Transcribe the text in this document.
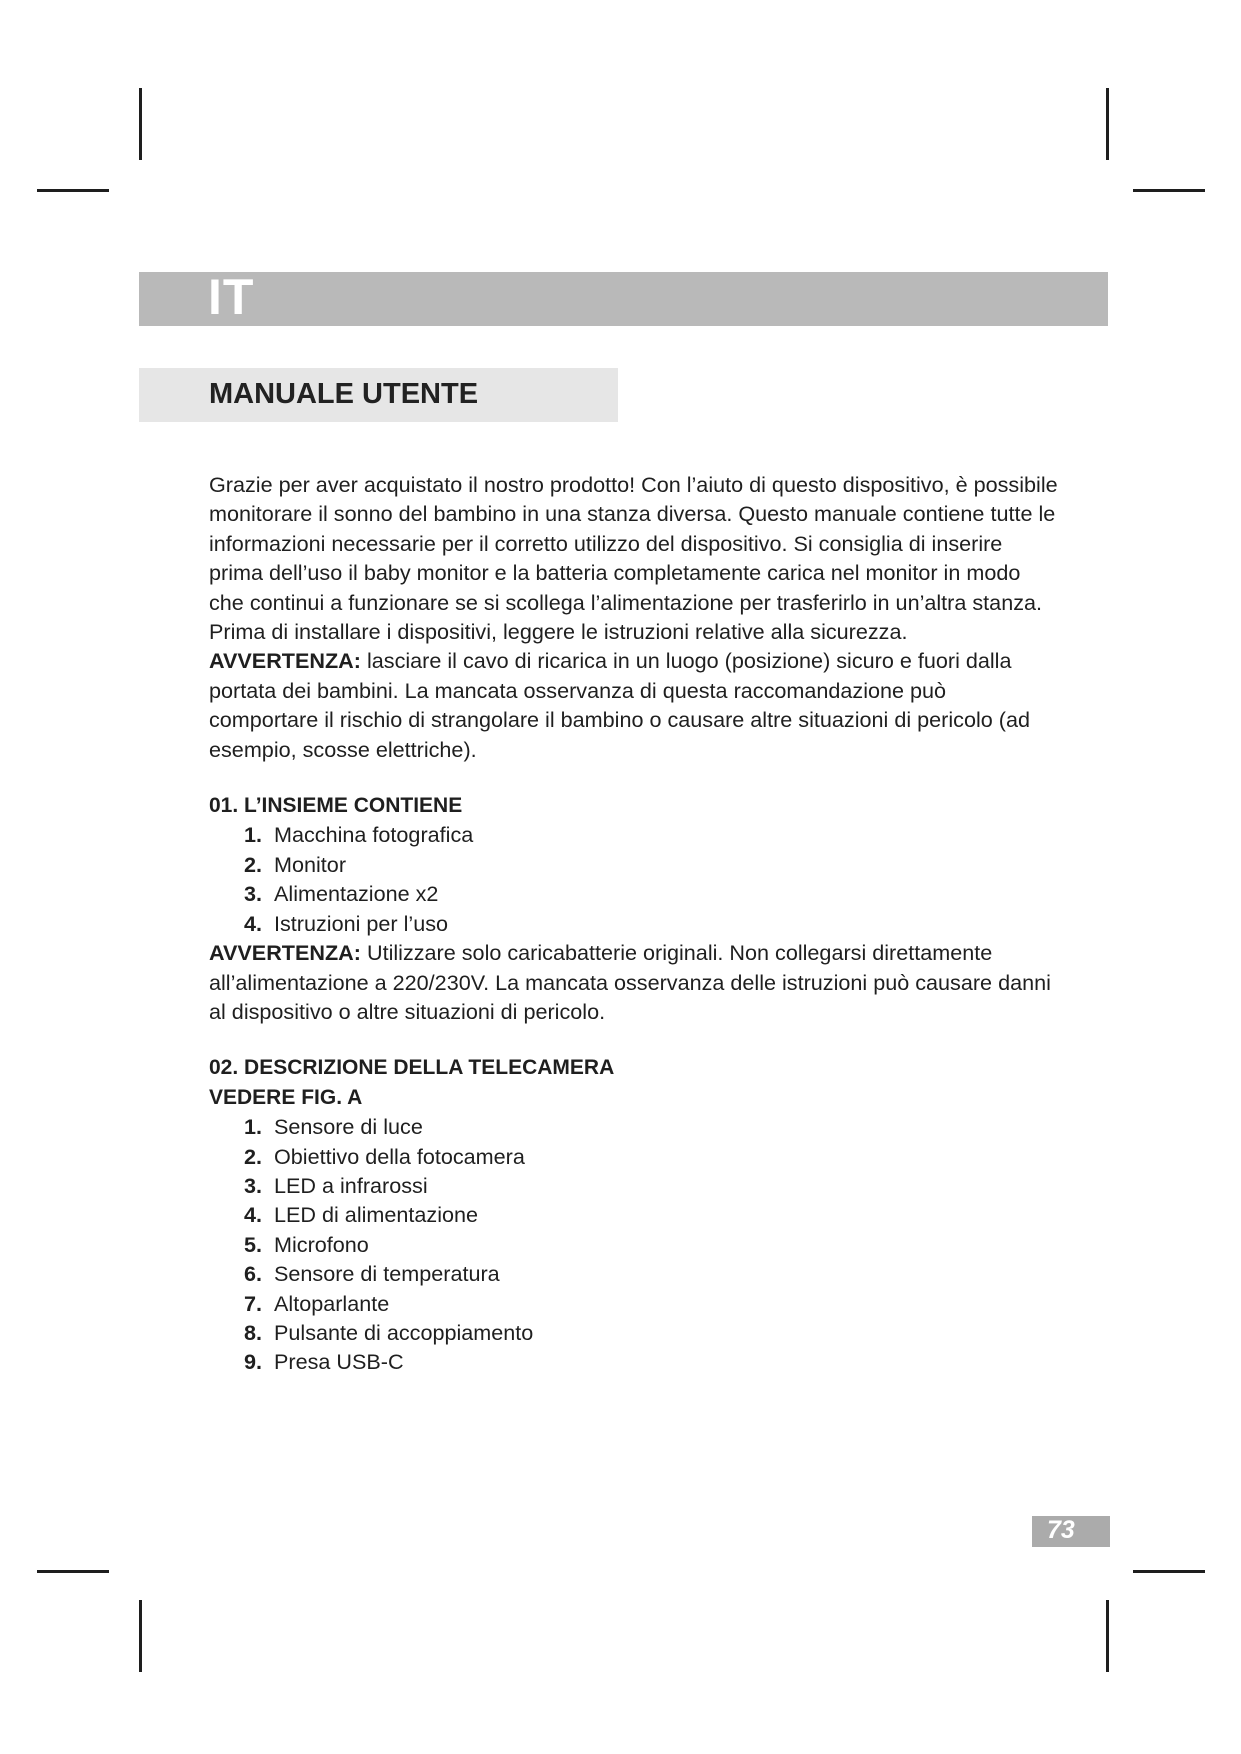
IT
MANUALE UTENTE

Grazie per aver acquistato il nostro prodotto! Con l’aiuto di questo dispositivo, è possibile monitorare il sonno del bambino in una stanza diversa. Questo manuale contiene tutte le informazioni necessarie per il corretto utilizzo del dispositivo. Si consiglia di inserire prima dell’uso il baby monitor e la batteria completamente carica nel monitor in modo che continui a funzionare se si scollega l’alimentazione per trasferirlo in un’altra stanza. Prima di installare i dispositivi, leggere le istruzioni relative alla sicurezza.

AVVERTENZA: lasciare il cavo di ricarica in un luogo (posizione) sicuro e fuori dalla portata dei bambini. La mancata osservanza di questa raccomandazione può comportare il rischio di strangolare il bambino o causare altre situazioni di pericolo (ad esempio, scosse elettriche).

01. L’INSIEME CONTIENE

1. Macchina fotografica
2. Monitor
3. Alimentazione x2
4. Istruzioni per l’uso

AVVERTENZA: Utilizzare solo caricabatterie originali. Non collegarsi direttamente all’alimentazione a 220/230V. La mancata osservanza delle istruzioni può causare danni al dispositivo o altre situazioni di pericolo.

02. DESCRIZIONE DELLA TELECAMERA

VEDERE FIG. A

1. Sensore di luce
2. Obiettivo della fotocamera
3. LED a infrarossi
4. LED di alimentazione
5. Microfono
6. Sensore di temperatura
7. Altoparlante
8. Pulsante di accoppiamento
9. Presa USB-C
73
